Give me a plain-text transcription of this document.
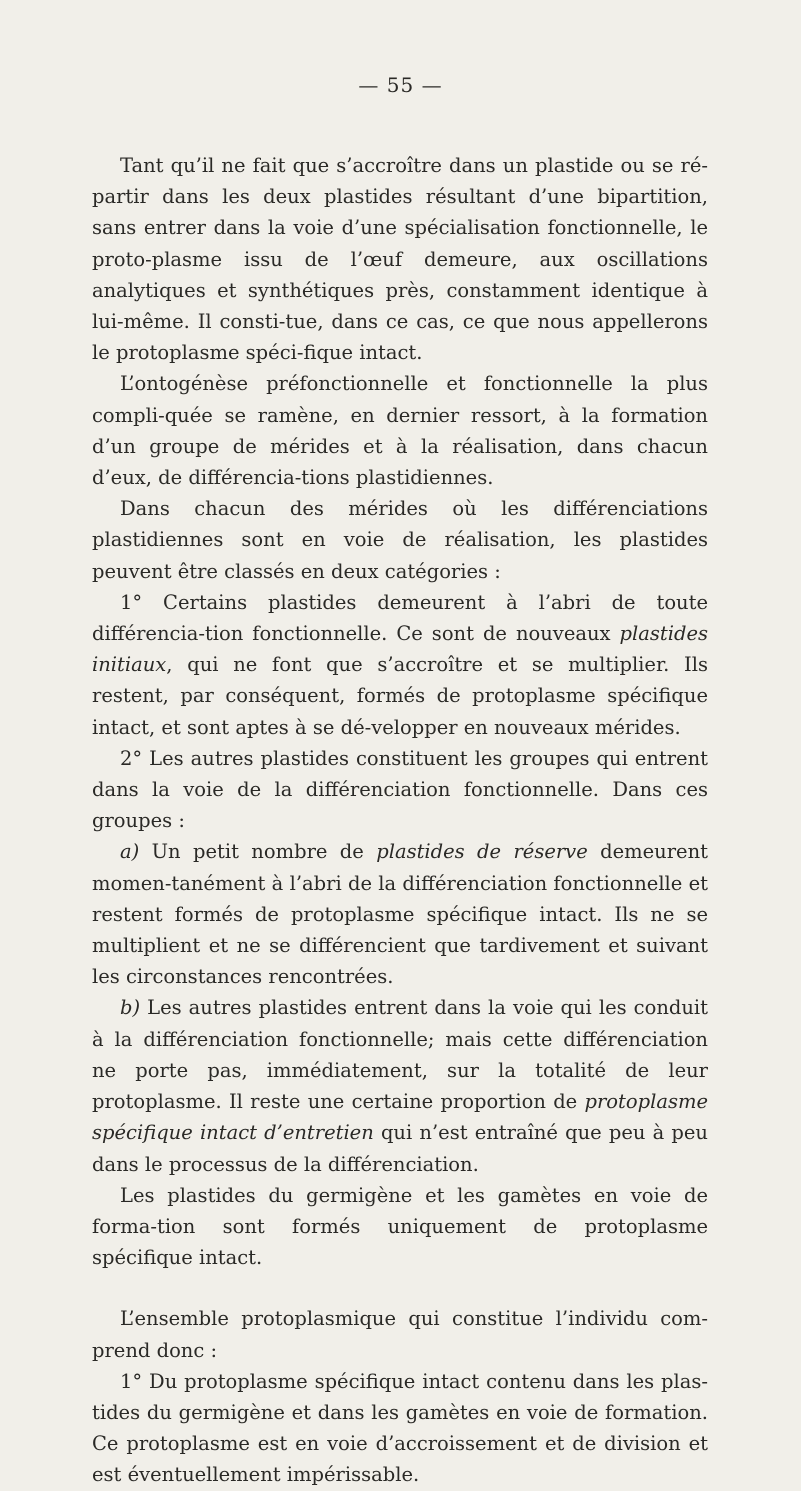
— 55 —

Tant qu’il ne fait que s’accroître dans un plastide ou se ré-partir dans les deux plastides résultant d’une bipartition, sans entrer dans la voie d’une spécialisation fonctionnelle, le proto-plasme issu de l’œuf demeure, aux oscillations analytiques et synthétiques près, constamment identique à lui-même. Il consti-tue, dans ce cas, ce que nous appellerons le protoplasme spéci-fique intact.

L’ontogénèse préfonctionnelle et fonctionnelle la plus compli-quée se ramène, en dernier ressort, à la formation d’un groupe de mérides et à la réalisation, dans chacun d’eux, de différencia-tions plastidiennes.

Dans chacun des mérides où les différenciations plastidiennes sont en voie de réalisation, les plastides peuvent être classés en deux catégories :

1° Certains plastides demeurent à l’abri de toute différencia-tion fonctionnelle. Ce sont de nouveaux plastides initiaux, qui ne font que s’accroître et se multiplier. Ils restent, par conséquent, formés de protoplasme spécifique intact, et sont aptes à se dé-velopper en nouveaux mérides.

2° Les autres plastides constituent les groupes qui entrent dans la voie de la différenciation fonctionnelle. Dans ces groupes :

a) Un petit nombre de plastides de réserve demeurent momen-tanément à l’abri de la différenciation fonctionnelle et restent formés de protoplasme spécifique intact. Ils ne se multiplient et ne se différencient que tardivement et suivant les circonstances rencontrées.

b) Les autres plastides entrent dans la voie qui les conduit à la différenciation fonctionnelle; mais cette différenciation ne porte pas, immédiatement, sur la totalité de leur protoplasme. Il reste une certaine proportion de protoplasme spécifique intact d’entretien qui n’est entraîné que peu à peu dans le processus de la différenciation.

Les plastides du germigène et les gamètes en voie de forma-tion sont formés uniquement de protoplasme spécifique intact.

L’ensemble protoplasmique qui constitue l’individu com-prend donc :

1° Du protoplasme spécifique intact contenu dans les plas-tides du germigène et dans les gamètes en voie de formation. Ce protoplasme est en voie d’accroissement et de division et est éventuellement impérissable.
